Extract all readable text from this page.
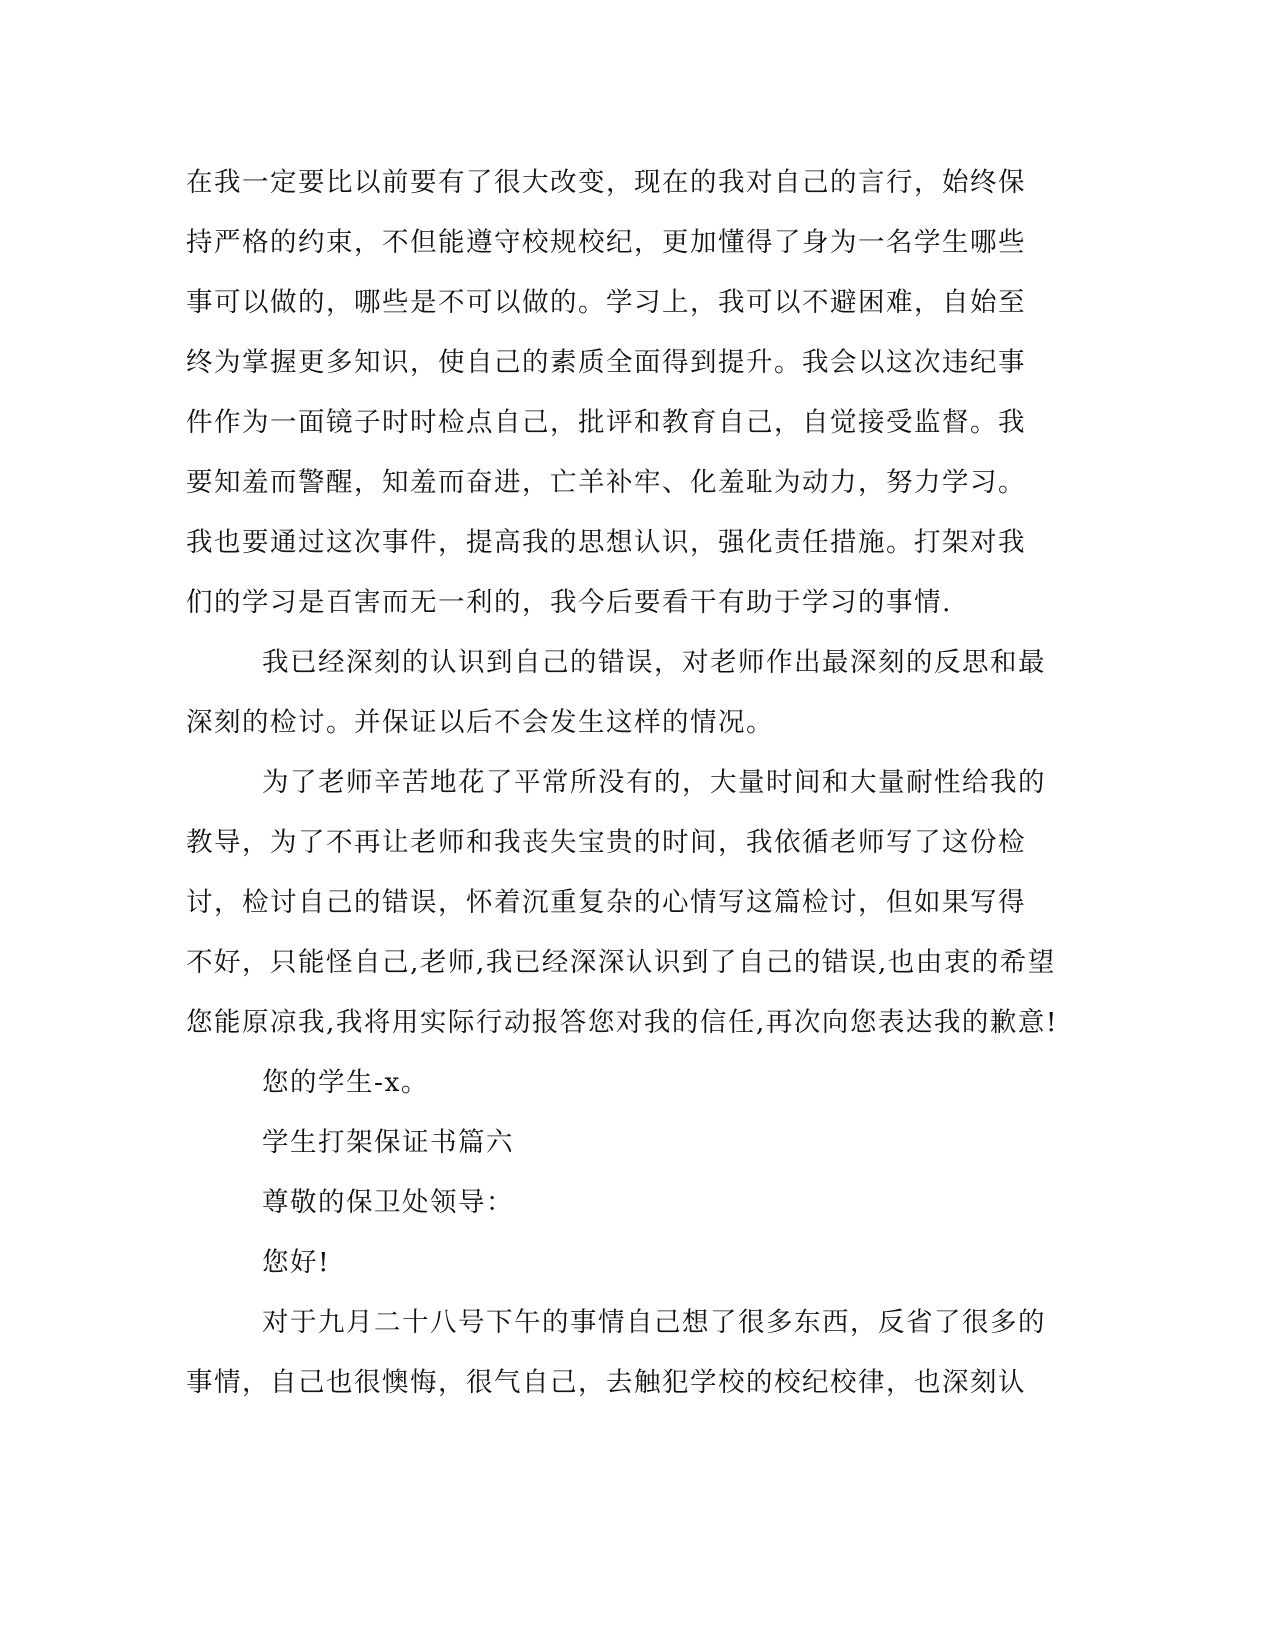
在我一定要比以前要有了很大改变，现在的我对自己的言行，始终保
持严格的约束，不但能遵守校规校纪，更加懂得了身为一名学生哪些
事可以做的，哪些是不可以做的。学习上，我可以不避困难，自始至
终为掌握更多知识，使自己的素质全面得到提升。我会以这次违纪事
件作为一面镜子时时检点自己，批评和教育自己，自觉接受监督。我
要知羞而警醒，知羞而奋进，亡羊补牢、化羞耻为动力，努力学习。
我也要通过这次事件，提高我的思想认识，强化责任措施。打架对我
们的学习是百害而无一利的，我今后要看干有助于学习的事情.
我已经深刻的认识到自己的错误，对老师作出最深刻的反思和最
深刻的检讨。并保证以后不会发生这样的情况。
为了老师辛苦地花了平常所没有的，大量时间和大量耐性给我的
教导，为了不再让老师和我丧失宝贵的时间，我依循老师写了这份检
讨，检讨自己的错误，怀着沉重复杂的心情写这篇检讨，但如果写得
不好，只能怪自己,老师,我已经深深认识到了自己的错误,也由衷的希望
您能原凉我,我将用实际行动报答您对我的信任,再次向您表达我的歉意!
您的学生-x。
学生打架保证书篇六
尊敬的保卫处领导：
您好!
对于九月二十八号下午的事情自己想了很多东西，反省了很多的
事情，自己也很懊悔，很气自己，去触犯学校的校纪校律，也深刻认
